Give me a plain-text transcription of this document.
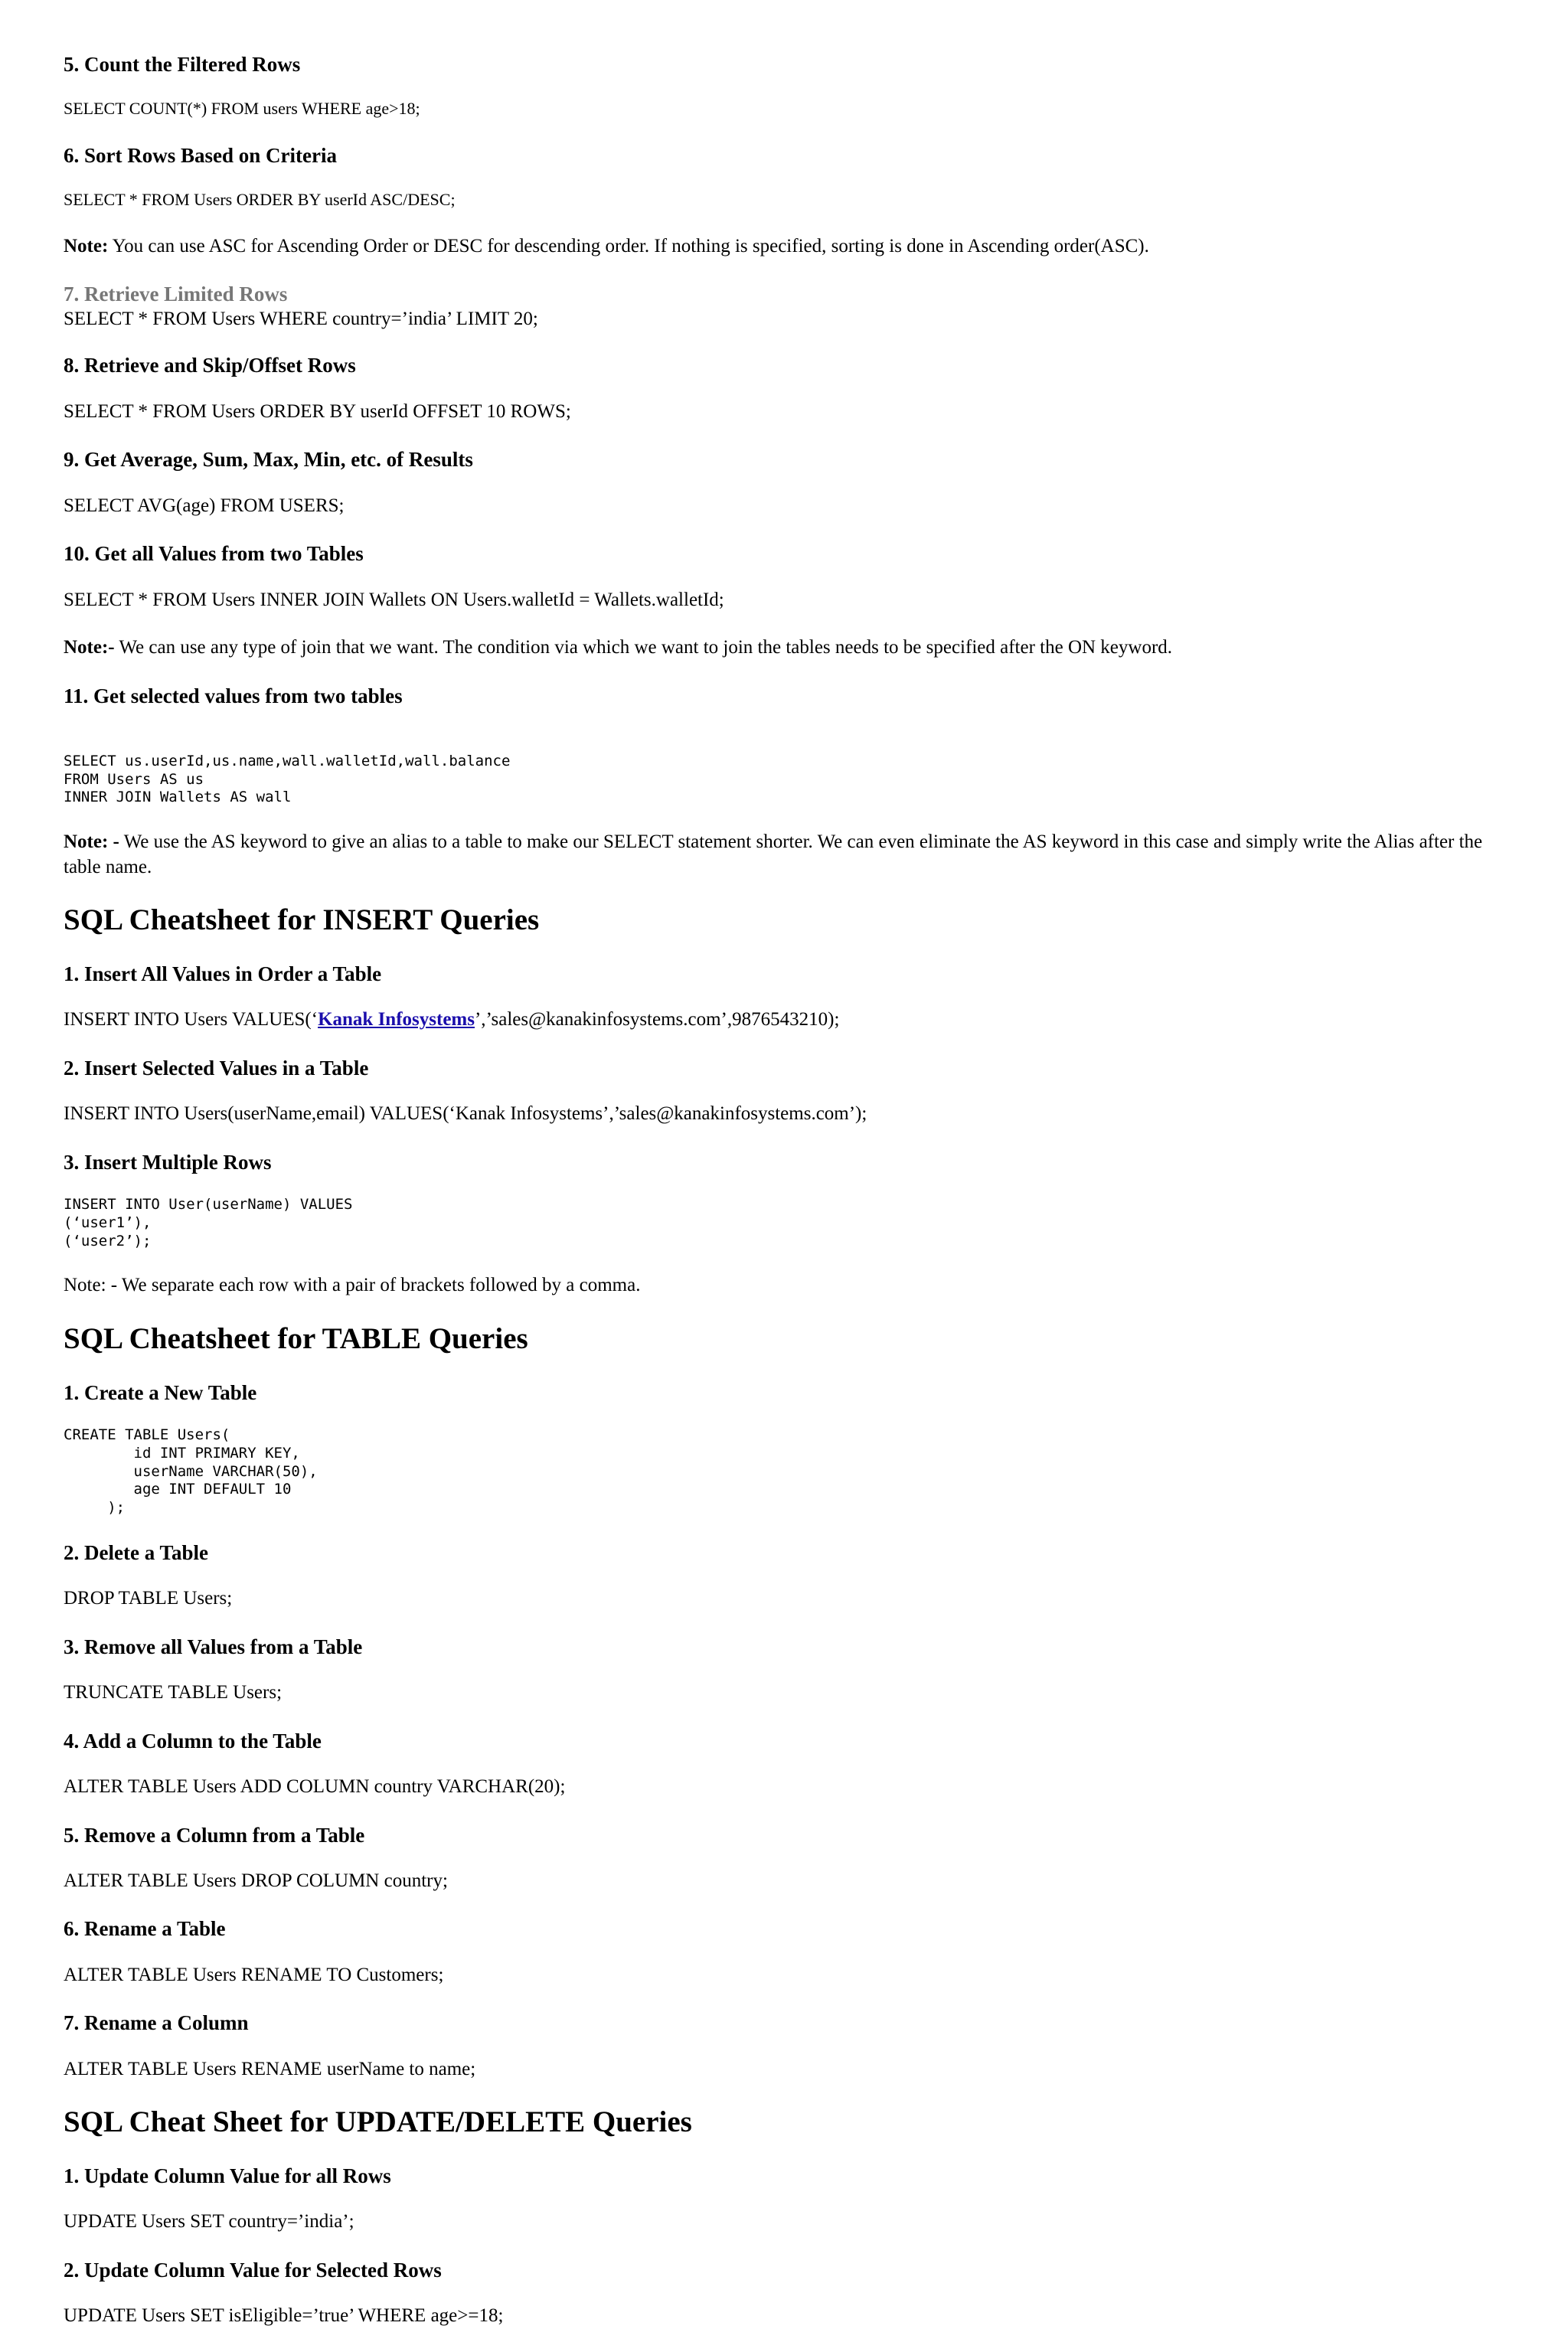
5. Count the Filtered Rows

SELECT COUNT(*) FROM users WHERE age>18;

6. Sort Rows Based on Criteria

SELECT * FROM Users ORDER BY userId ASC/DESC;

Note: You can use ASC for Ascending Order or DESC for descending order. If nothing is specified, sorting is done in Ascending order(ASC).

7. Retrieve Limited Rows

SELECT * FROM Users WHERE country=’india’ LIMIT 20;

8. Retrieve and Skip/Offset Rows

SELECT * FROM Users ORDER BY userId OFFSET 10 ROWS;

9. Get Average, Sum, Max, Min, etc. of Results

SELECT AVG(age) FROM USERS;

10. Get all Values from two Tables

SELECT * FROM Users INNER JOIN Wallets ON Users.walletId = Wallets.walletId;

Note:- We can use any type of join that we want. The condition via which we want to join the tables needs to be specified after the ON keyword.

11. Get selected values from two tables
SELECT us.userId,us.name,wall.walletId,wall.balance
FROM Users AS us
INNER JOIN Wallets AS wall

Note: - We use the AS keyword to give an alias to a table to make our SELECT statement shorter. We can even eliminate the AS keyword in this case and simply write the Alias after the table name.

SQL Cheatsheet for INSERT Queries
1. Insert All Values in Order a Table

INSERT INTO Users VALUES(‘Kanak Infosystems’,’sales@kanakinfosystems.com’,9876543210);

2. Insert Selected Values in a Table

INSERT INTO Users(userName,email) VALUES(‘Kanak Infosystems’,’sales@kanakinfosystems.com’);

3. Insert Multiple Rows
INSERT INTO User(userName) VALUES
(‘user1’),
(‘user2’);

Note: - We separate each row with a pair of brackets followed by a comma.

SQL Cheatsheet for TABLE Queries
1. Create a New Table
CREATE TABLE Users(
id INT PRIMARY KEY,
userName VARCHAR(50),
age INT DEFAULT 10
);
2. Delete a Table

DROP TABLE Users;

3. Remove all Values from a Table

TRUNCATE TABLE Users;

4. Add a Column to the Table

ALTER TABLE Users ADD COLUMN country VARCHAR(20);

5. Remove a Column from a Table

ALTER TABLE Users DROP COLUMN country;

6. Rename a Table

ALTER TABLE Users RENAME TO Customers;

7. Rename a Column

ALTER TABLE Users RENAME userName to name;

SQL Cheat Sheet for UPDATE/DELETE Queries
1. Update Column Value for all Rows

UPDATE Users SET country=’india’;

2. Update Column Value for Selected Rows

UPDATE Users SET isEligible=’true’ WHERE age>=18;
